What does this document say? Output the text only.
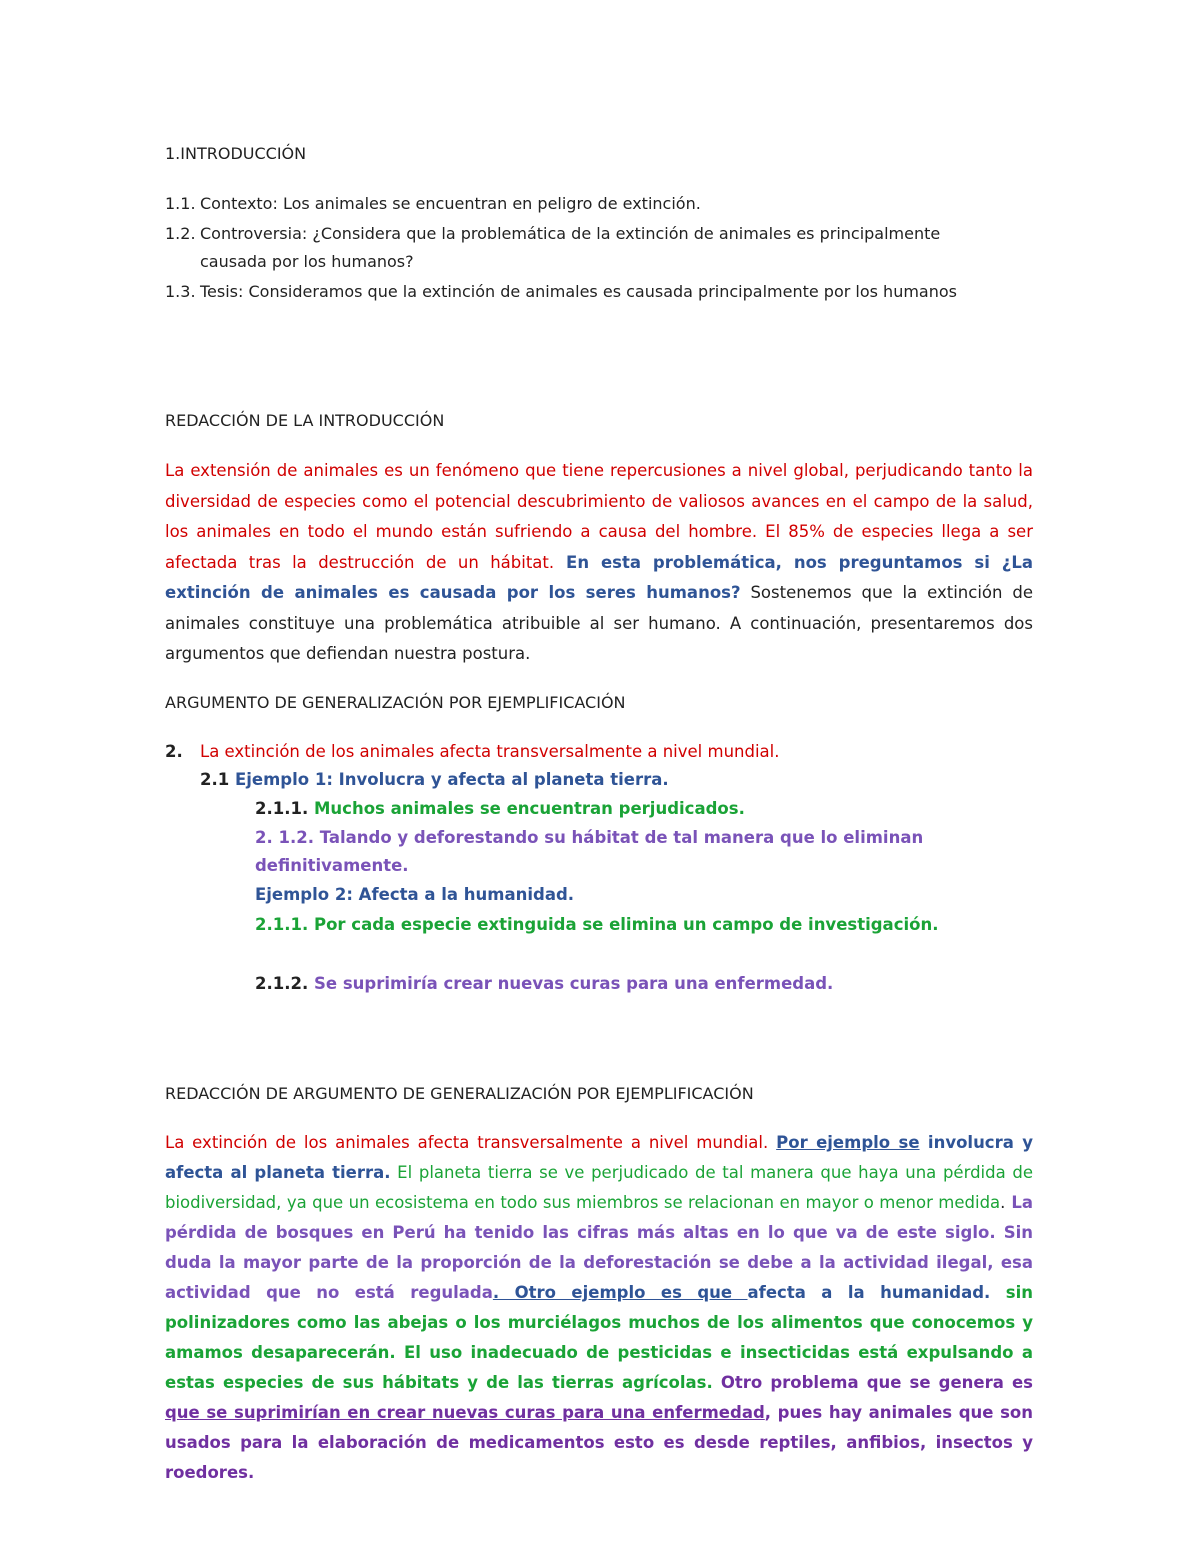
1.INTRODUCCIÓN
1.1. Contexto: Los animales se encuentran en peligro de extinción.
1.2. Controversia: ¿Considera que la problemática de la extinción de animales es principalmente
causada por los humanos?
1.3. Tesis: Consideramos que la extinción de animales es causada principalmente por los humanos
REDACCIÓN DE LA INTRODUCCIÓN

La extensión de animales es un fenómeno que tiene repercusiones a nivel global, perjudicando tanto la diversidad de especies como el potencial descubrimiento de valiosos avances en el campo de la salud, los animales en todo el mundo están sufriendo a causa del hombre. El 85% de especies llega a ser afectada tras la destrucción de un hábitat. En esta problemática, nos preguntamos si ¿La extinción de animales es causada por los seres humanos? Sostenemos que la extinción de animales constituye una problemática atribuible al ser humano. A continuación, presentaremos dos argumentos que defiendan nuestra postura.

ARGUMENTO DE GENERALIZACIÓN POR EJEMPLIFICACIÓN
2. La extinción de los animales afecta transversalmente a nivel mundial.
2.1 Ejemplo 1: Involucra y afecta al planeta tierra.
2.1.1. Muchos animales se encuentran perjudicados.
2. 1.2. Talando y deforestando su hábitat de tal manera que lo eliminan
definitivamente.
Ejemplo 2: Afecta a la humanidad.
2.1.1. Por cada especie extinguida se elimina un campo de investigación.
2.1.2. Se suprimiría crear nuevas curas para una enfermedad.
REDACCIÓN DE ARGUMENTO DE GENERALIZACIÓN POR EJEMPLIFICACIÓN

La extinción de los animales afecta transversalmente a nivel mundial. Por ejemplo se involucra y afecta al planeta tierra. El planeta tierra se ve perjudicado de tal manera que haya una pérdida de biodiversidad, ya que un ecosistema en todo sus miembros se relacionan en mayor o menor medida. La pérdida de bosques en Perú ha tenido las cifras más altas en lo que va de este siglo. Sin duda la mayor parte de la proporción de la deforestación se debe a la actividad ilegal, esa actividad que no está regulada. Otro ejemplo es que afecta a la humanidad. sin polinizadores como las abejas o los murciélagos muchos de los alimentos que conocemos y amamos desaparecerán. El uso inadecuado de pesticidas e insecticidas está expulsando a estas especies de sus hábitats y de las tierras agrícolas. Otro problema que se genera es que se suprimirían en crear nuevas curas para una enfermedad, pues hay animales que son usados para la elaboración de medicamentos esto es desde reptiles, anfibios, insectos y roedores.
